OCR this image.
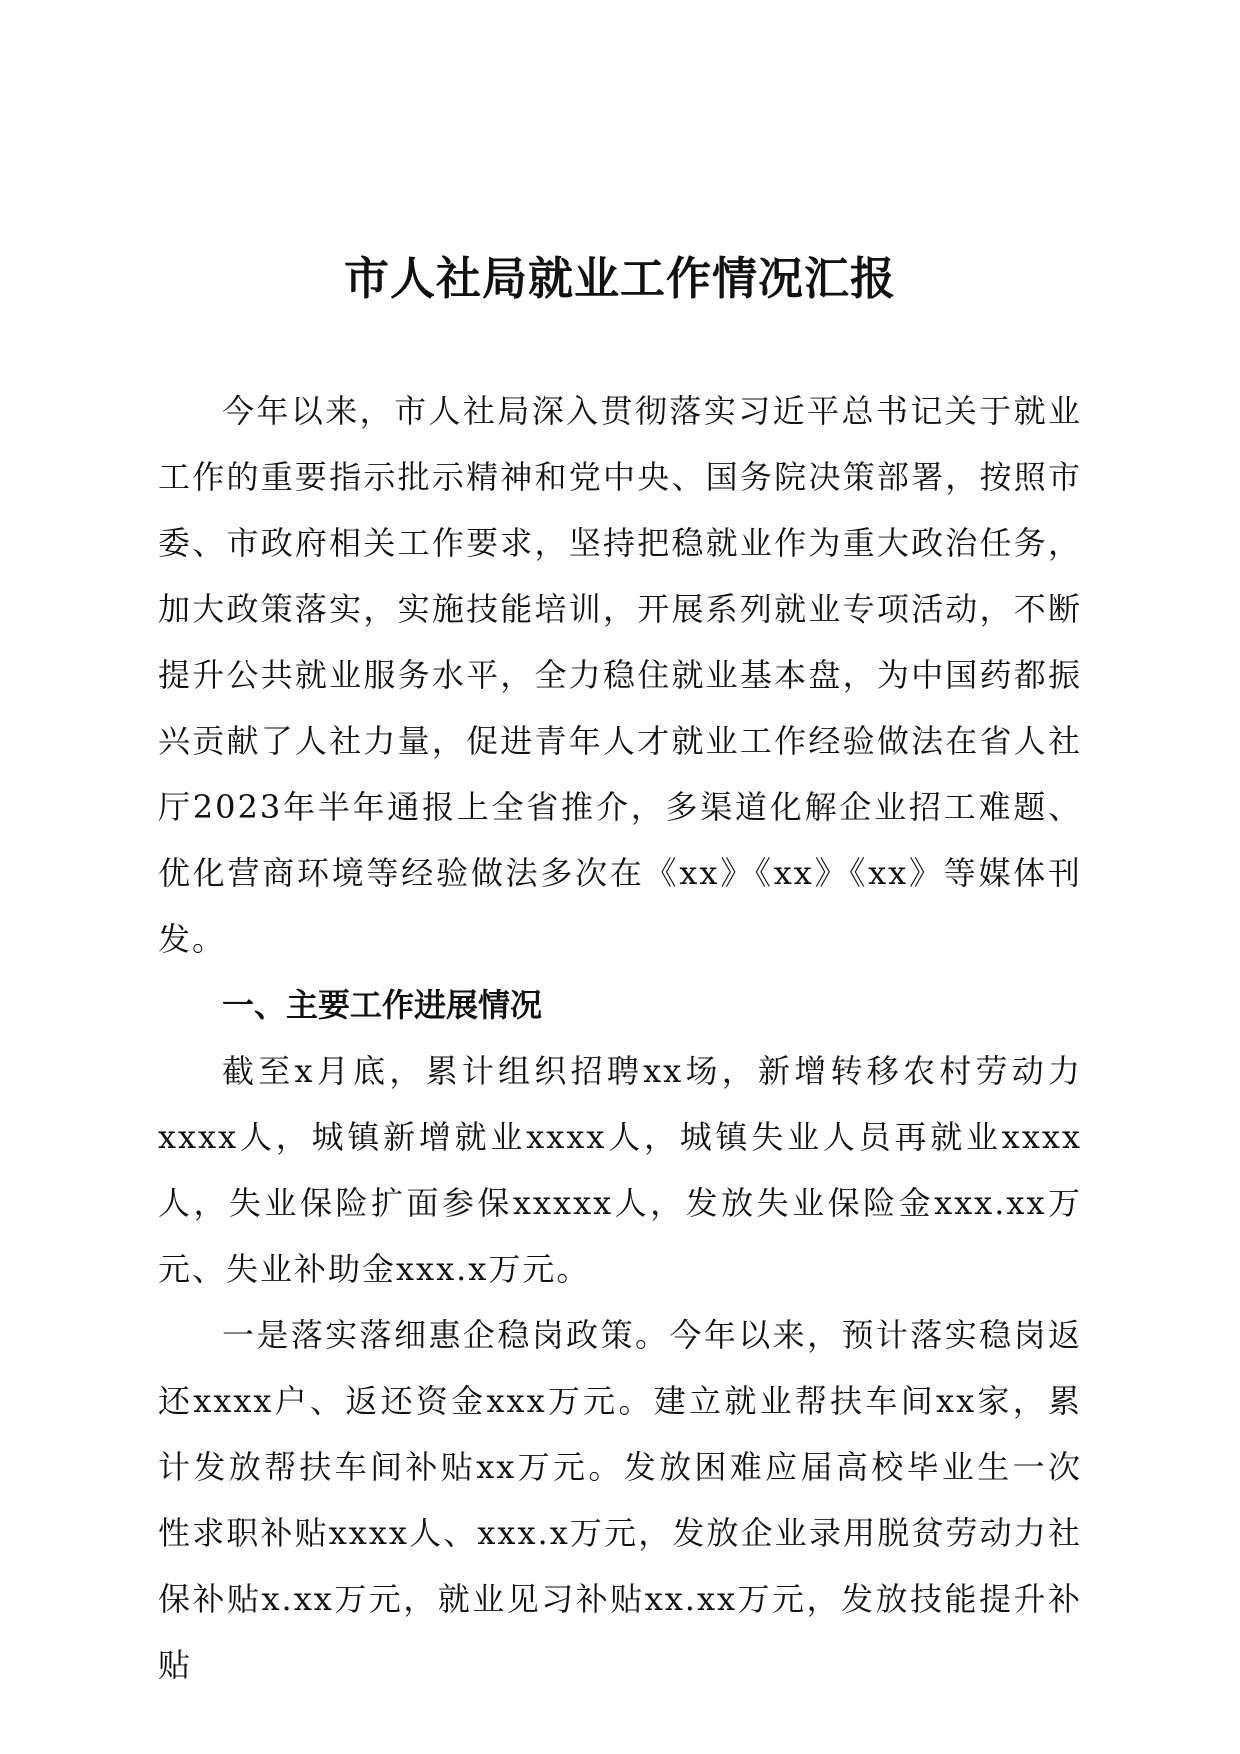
市人社局就业工作情况汇报

今年以来，市人社局深入贯彻落实习近平总书记关于就业工作的重要指示批示精神和党中央、国务院决策部署，按照市委、市政府相关工作要求，坚持把稳就业作为重大政治任务，加大政策落实，实施技能培训，开展系列就业专项活动，不断提升公共就业服务水平，全力稳住就业基本盘，为中国药都振兴贡献了人社力量，促进青年人才就业工作经验做法在省人社厅2023年半年通报上全省推介，多渠道化解企业招工难题、优化营商环境等经验做法多次在《xx》《xx》《xx》等媒体刊发。

一、主要工作进展情况

截至x月底，累计组织招聘xx场，新增转移农村劳动力xxxx人，城镇新增就业xxxx人，城镇失业人员再就业xxxx人，失业保险扩面参保xxxxx人，发放失业保险金xxx.xx万元、失业补助金xxx.x万元。

一是落实落细惠企稳岗政策。今年以来，预计落实稳岗返还xxxx户、返还资金xxx万元。建立就业帮扶车间xx家，累计发放帮扶车间补贴xx万元。发放困难应届高校毕业生一次性求职补贴xxxx人、xxx.x万元，发放企业录用脱贫劳动力社保补贴x.xx万元，就业见习补贴xx.xx万元，发放技能提升补贴
